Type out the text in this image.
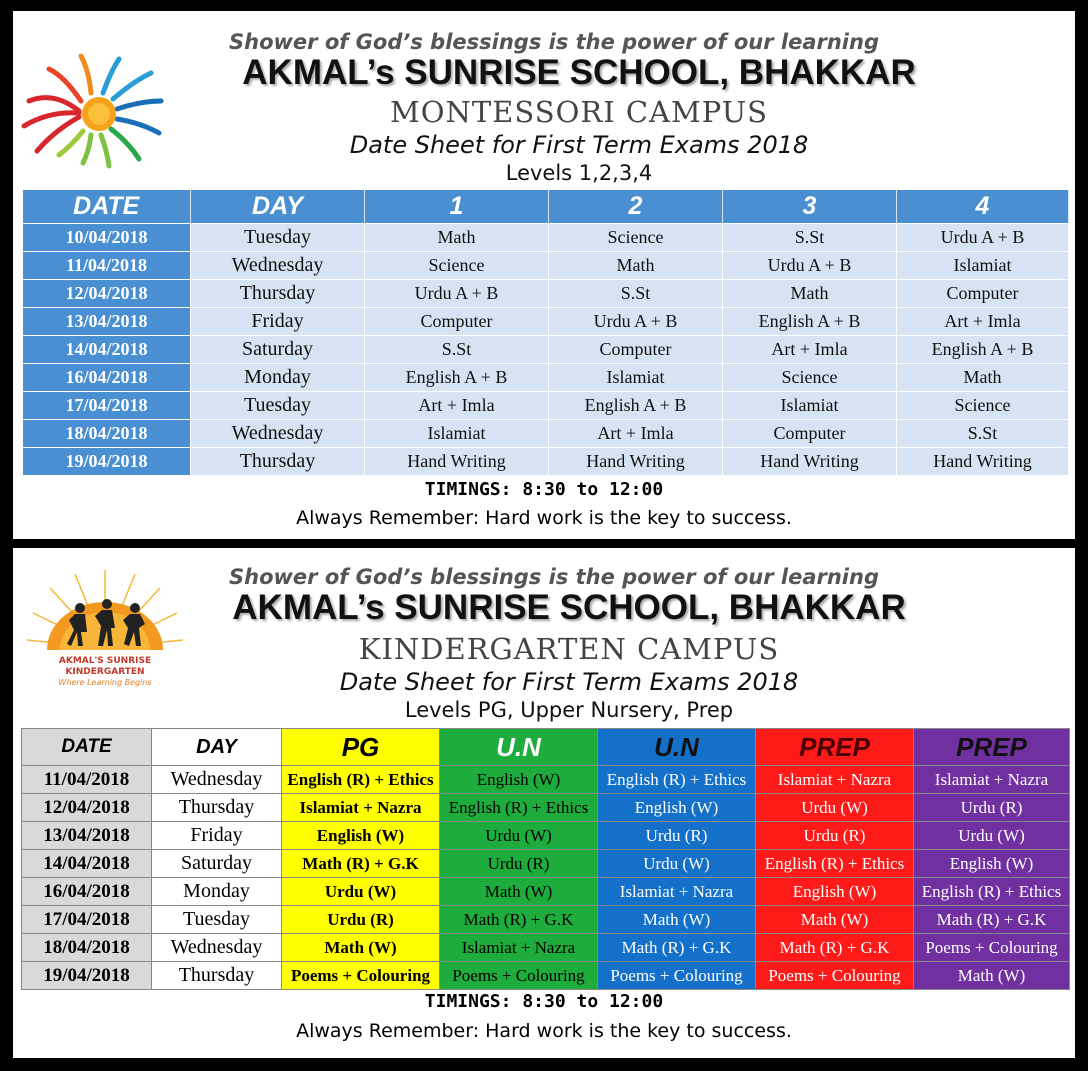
Shower of God’s blessings is the power of our learning
AKMAL’s SUNRISE SCHOOL, BHAKKAR
MONTESSORI CAMPUS
Date Sheet for First Term Exams 2018
Levels 1,2,3,4
DATE	DAY	1	2	3	4
10/04/2018	Tuesday	Math	Science	S.St	Urdu A + B
11/04/2018	Wednesday	Science	Math	Urdu A + B	Islamiat
12/04/2018	Thursday	Urdu A + B	S.St	Math	Computer
13/04/2018	Friday	Computer	Urdu A + B	English A + B	Art + Imla
14/04/2018	Saturday	S.St	Computer	Art + Imla	English A + B
16/04/2018	Monday	English A + B	Islamiat	Science	Math
17/04/2018	Tuesday	Art + Imla	English A + B	Islamiat	Science
18/04/2018	Wednesday	Islamiat	Art + Imla	Computer	S.St
19/04/2018	Thursday	Hand Writing	Hand Writing	Hand Writing	Hand Writing
TIMINGS: 8:30 to 12:00
Always Remember: Hard work is the key to success.
AKMAL'S SUNRISE
KINDERGARTEN
Where Learning Begins
Shower of God’s blessings is the power of our learning
AKMAL’s SUNRISE SCHOOL, BHAKKAR
KINDERGARTEN CAMPUS
Date Sheet for First Term Exams 2018
Levels PG, Upper Nursery, Prep
DATE	DAY	PG	U.N	U.N	PREP	PREP
11/04/2018	Wednesday	English (R) + Ethics	English (W)	English (R) + Ethics	Islamiat + Nazra	Islamiat + Nazra
12/04/2018	Thursday	Islamiat + Nazra	English (R) + Ethics	English (W)	Urdu (W)	Urdu (R)
13/04/2018	Friday	English (W)	Urdu (W)	Urdu (R)	Urdu (R)	Urdu (W)
14/04/2018	Saturday	Math (R) + G.K	Urdu (R)	Urdu (W)	English (R) + Ethics	English (W)
16/04/2018	Monday	Urdu (W)	Math (W)	Islamiat + Nazra	English (W)	English (R) + Ethics
17/04/2018	Tuesday	Urdu (R)	Math (R) + G.K	Math (W)	Math (W)	Math (R) + G.K
18/04/2018	Wednesday	Math (W)	Islamiat + Nazra	Math (R) + G.K	Math (R) + G.K	Poems + Colouring
19/04/2018	Thursday	Poems + Colouring	Poems + Colouring	Poems + Colouring	Poems + Colouring	Math (W)
TIMINGS: 8:30 to 12:00
Always Remember: Hard work is the key to success.
